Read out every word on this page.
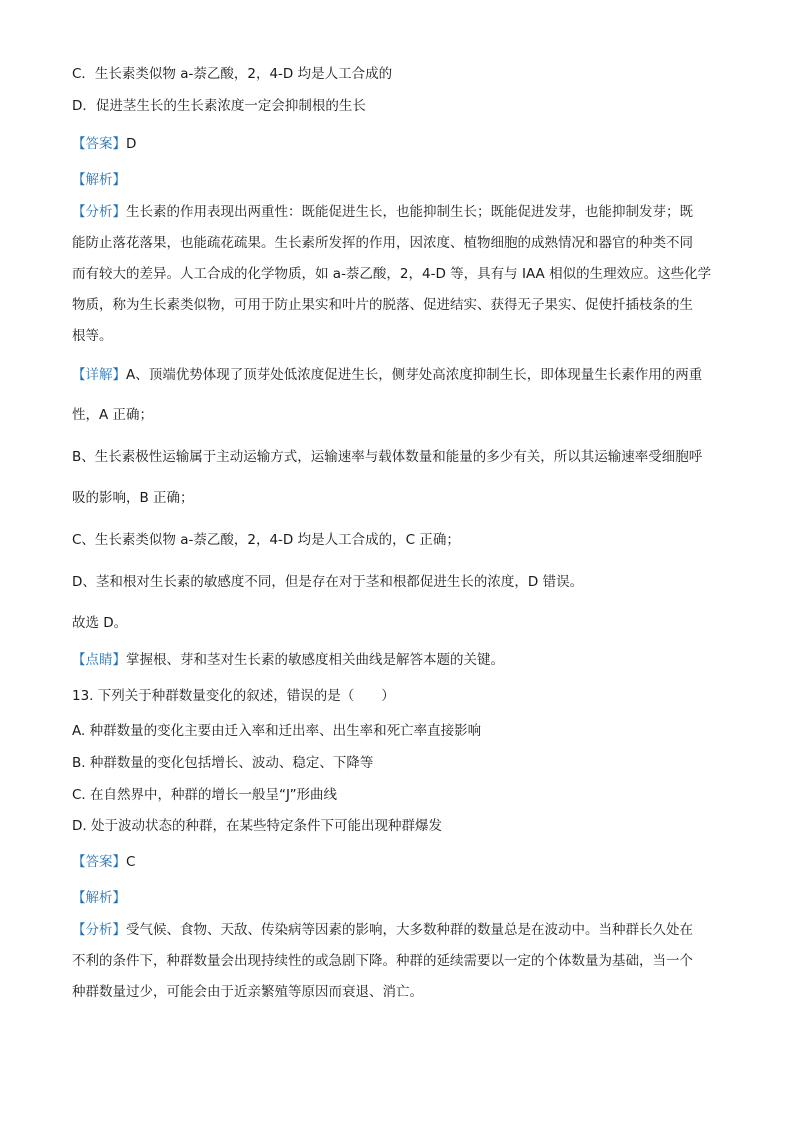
C．生长素类似物 a-萘乙酸，2，4-D 均是人工合成的
D．促进茎生长的生长素浓度一定会抑制根的生长
【答案】D
【解析】
【分析】生长素的作用表现出两重性：既能促进生长，也能抑制生长；既能促进发芽，也能抑制发芽；既
能防止落花落果，也能疏花疏果。生长素所发挥的作用，因浓度、植物细胞的成熟情况和器官的种类不同
而有较大的差异。人工合成的化学物质，如 a-萘乙酸，2，4-D 等，具有与 IAA 相似的生理效应。这些化学
物质，称为生长素类似物，可用于防止果实和叶片的脱落、促进结实、获得无子果实、促使扦插枝条的生
根等。
【详解】A、顶端优势体现了顶芽处低浓度促进生长，侧芽处高浓度抑制生长，即体现量生长素作用的两重
性，A 正确；
B、生长素极性运输属于主动运输方式，运输速率与载体数量和能量的多少有关，所以其运输速率受细胞呼
吸的影响，B 正确；
C、生长素类似物 a-萘乙酸，2，4-D 均是人工合成的，C 正确；
D、茎和根对生长素的敏感度不同，但是存在对于茎和根都促进生长的浓度，D 错误。
故选 D。
【点睛】掌握根、芽和茎对生长素的敏感度相关曲线是解答本题的关键。
13. 下列关于种群数量变化的叙述，错误的是（　　）
A. 种群数量的变化主要由迁入率和迁出率、出生率和死亡率直接影响
B. 种群数量的变化包括增长、波动、稳定、下降等
C. 在自然界中，种群的增长一般呈“J”形曲线
D. 处于波动状态的种群，在某些特定条件下可能出现种群爆发
【答案】C
【解析】
【分析】受气候、食物、天敌、传染病等因素的影响，大多数种群的数量总是在波动中。当种群长久处在
不利的条件下，种群数量会出现持续性的或急剧下降。种群的延续需要以一定的个体数量为基础，当一个
种群数量过少，可能会由于近亲繁殖等原因而衰退、消亡。
